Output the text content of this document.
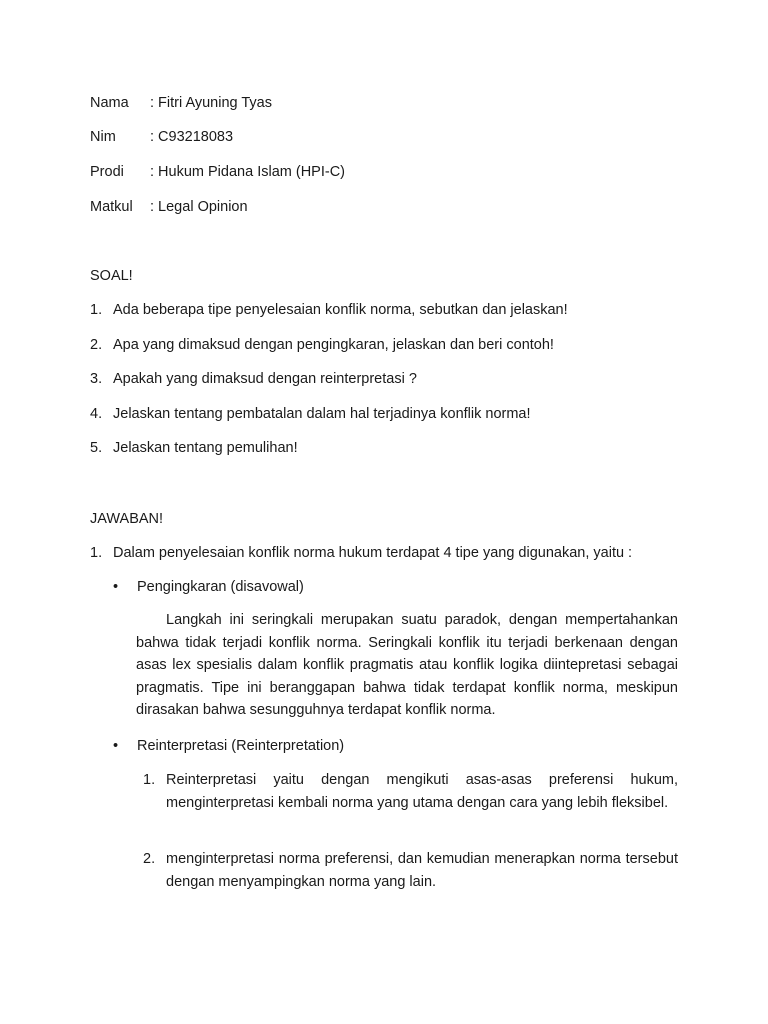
Nama : Fitri Ayuning Tyas
Nim : C93218083
Prodi : Hukum Pidana Islam (HPI-C)
Matkul : Legal Opinion
SOAL!
1. Ada beberapa tipe penyelesaian konflik norma, sebutkan dan jelaskan!
2. Apa yang dimaksud dengan pengingkaran, jelaskan dan beri contoh!
3. Apakah yang dimaksud dengan reinterpretasi ?
4. Jelaskan tentang pembatalan dalam hal terjadinya konflik norma!
5. Jelaskan tentang pemulihan!
JAWABAN!
1. Dalam penyelesaian konflik norma hukum terdapat 4 tipe yang digunakan, yaitu :
• Pengingkaran (disavowal)

Langkah ini seringkali merupakan suatu paradok, dengan mempertahankan bahwa tidak terjadi konflik norma. Seringkali konflik itu terjadi berkenaan dengan asas lex spesialis dalam konflik pragmatis atau konflik logika diintepretasi sebagai pragmatis. Tipe ini beranggapan bahwa tidak terdapat konflik norma, meskipun dirasakan bahwa sesungguhnya terdapat konflik norma.

• Reinterpretasi (Reinterpretation)
1. Reinterpretasi yaitu dengan mengikuti asas-asas preferensi hukum, menginterpretasi kembali norma yang utama dengan cara yang lebih fleksibel.
2. menginterpretasi norma preferensi, dan kemudian menerapkan norma tersebut dengan menyampingkan norma yang lain.
